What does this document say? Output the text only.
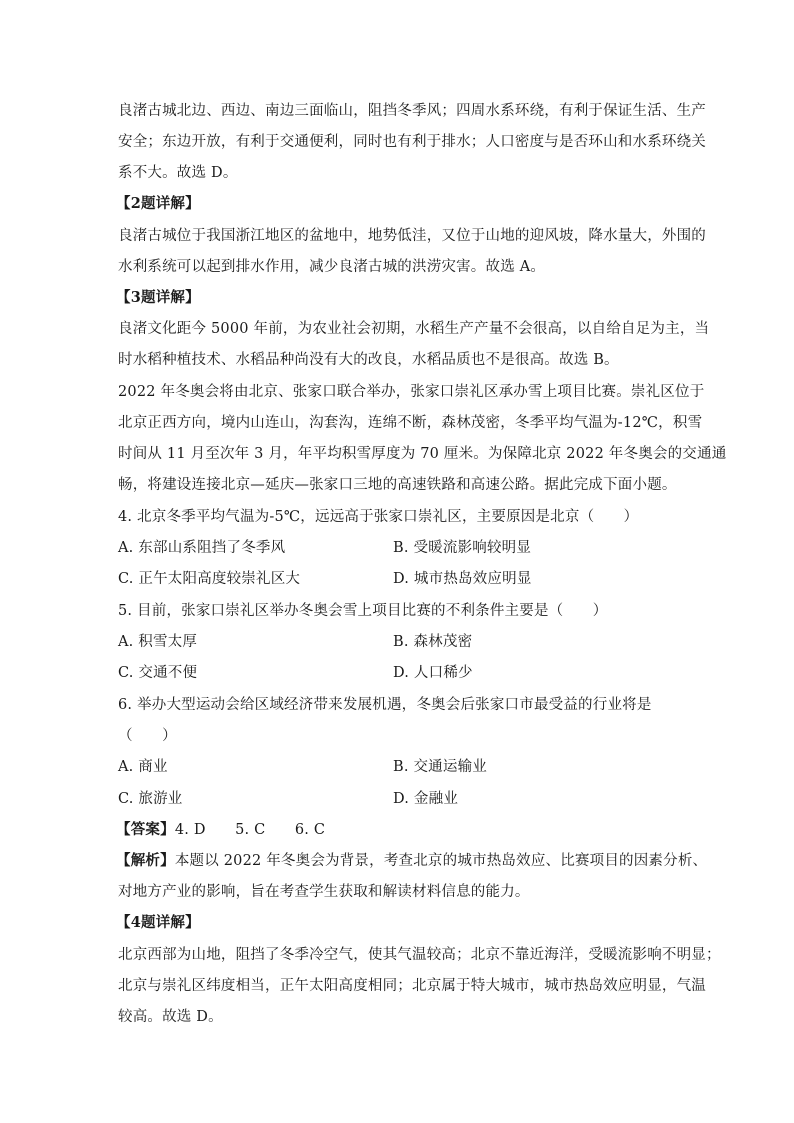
良渚古城北边、西边、南边三面临山，阻挡冬季风；四周水系环绕，有利于保证生活、生产
安全；东边开放，有利于交通便利，同时也有利于排水；人口密度与是否环山和水系环绕关
系不大。故选 D。
【2题详解】
良渚古城位于我国浙江地区的盆地中，地势低洼，又位于山地的迎风坡，降水量大，外围的
水利系统可以起到排水作用，减少良渚古城的洪涝灾害。故选 A。
【3题详解】
良渚文化距今 5000 年前，为农业社会初期，水稻生产产量不会很高，以自给自足为主，当
时水稻种植技术、水稻品种尚没有大的改良，水稻品质也不是很高。故选 B。
2022 年冬奥会将由北京、张家口联合举办，张家口崇礼区承办雪上项目比赛。崇礼区位于
北京正西方向，境内山连山，沟套沟，连绵不断，森林茂密，冬季平均气温为-12℃，积雪
时间从 11 月至次年 3 月，年平均积雪厚度为 70 厘米。为保障北京 2022 年冬奥会的交通通
畅，将建设连接北京—延庆—张家口三地的高速铁路和高速公路。据此完成下面小题。
4. 北京冬季平均气温为-5℃，远远高于张家口崇礼区，主要原因是北京（　　）
A. 东部山系阻挡了冬季风	B. 受暖流影响较明显
C. 正午太阳高度较崇礼区大	D. 城市热岛效应明显
5. 目前，张家口崇礼区举办冬奥会雪上项目比赛的不利条件主要是（　　）
A. 积雪太厚	B. 森林茂密
C. 交通不便	D. 人口稀少
6. 举办大型运动会给区域经济带来发展机遇，冬奥会后张家口市最受益的行业将是
（　　）
A. 商业	B. 交通运输业
C. 旅游业	D. 金融业
【答案】4. D　　5. C　　6. C
【解析】本题以 2022 年冬奥会为背景，考查北京的城市热岛效应、比赛项目的因素分析、
对地方产业的影响，旨在考查学生获取和解读材料信息的能力。
【4题详解】
北京西部为山地，阻挡了冬季冷空气，使其气温较高；北京不靠近海洋，受暖流影响不明显；
北京与崇礼区纬度相当，正午太阳高度相同；北京属于特大城市，城市热岛效应明显，气温
较高。故选 D。
